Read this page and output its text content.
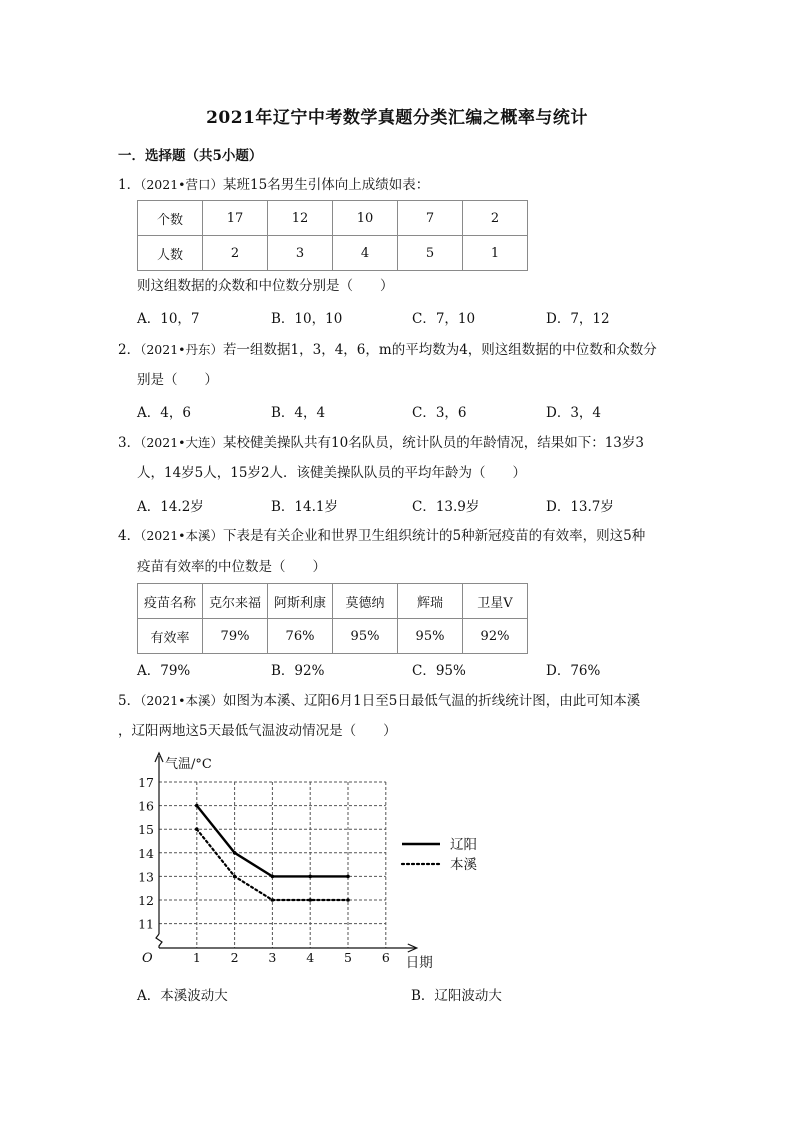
2021年辽宁中考数学真题分类汇编之概率与统计
一．选择题（共5小题）
1．（2021•营口）某班15名男生引体向上成绩如表：
个数	17	12	10	7	2
人数	2	3	4	5	1
则这组数据的众数和中位数分别是（　　）
A．10，7	B．10，10	C．7，10	D．7，12
2．（2021•丹东）若一组数据1，3，4，6，m的平均数为4，则这组数据的中位数和众数分
别是（　　）
A．4，6	B．4，4	C．3，6	D．3，4
3．（2021•大连）某校健美操队共有10名队员，统计队员的年龄情况，结果如下：13岁3
人，14岁5人，15岁2人．该健美操队队员的平均年龄为（　　）
A．14.2岁	B．14.1岁	C．13.9岁	D．13.7岁
4．（2021•本溪）下表是有关企业和世界卫生组织统计的5种新冠疫苗的有效率，则这5种
疫苗有效率的中位数是（　　）
疫苗名称	克尔来福	阿斯利康	莫德纳	辉瑞	卫星V
有效率	79%	76%	95%	95%	92%
A．79%	B．92%	C．95%	D．76%
5．（2021•本溪）如图为本溪、辽阳6月1日至5日最低气温的折线统计图，由此可知本溪
，辽阳两地这5天最低气温波动情况是（　　）
气温/°C
日期
O
11
12
13
14
15
16
17
1 2 3 4 5 6
辽阳
本溪
A．本溪波动大	B．辽阳波动大
